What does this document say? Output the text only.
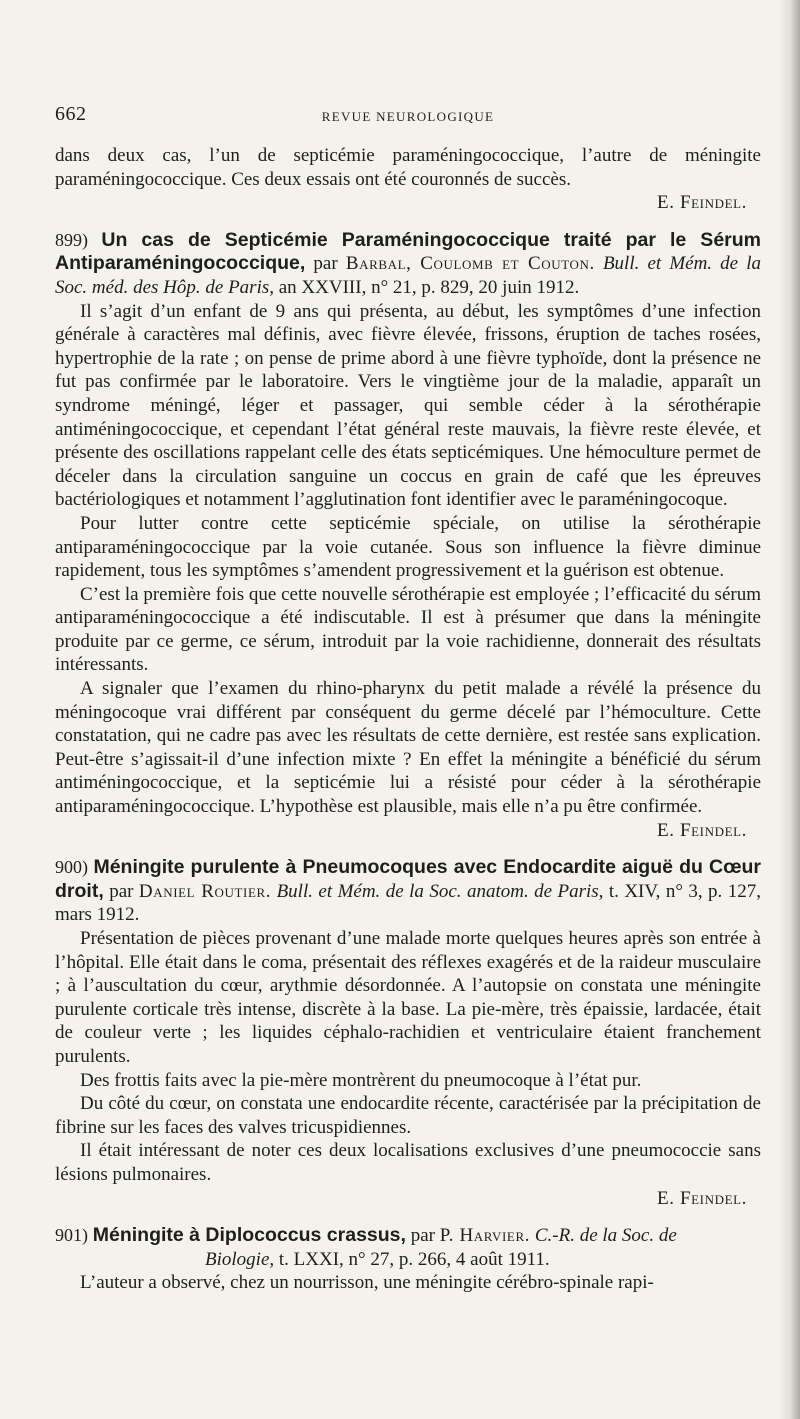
662	REVUE NEUROLOGIQUE

dans deux cas, l’un de septicémie paraméningococcique, l’autre de méningite paraméningococcique. Ces deux essais ont été couronnés de succès.

E. Feindel.

899) Un cas de Septicémie Paraméningococcique traité par le Sérum Antiparaméningococcique, par Barbal, Coulomb et Couton. Bull. et Mém. de la Soc. méd. des Hôp. de Paris, an XXVIII, n° 21, p. 829, 20 juin 1912.

Il s’agit d’un enfant de 9 ans qui présenta, au début, les symptômes d’une infection générale à caractères mal définis, avec fièvre élevée, frissons, éruption de taches rosées, hypertrophie de la rate ; on pense de prime abord à une fièvre typhoïde, dont la présence ne fut pas confirmée par le laboratoire. Vers le vingtième jour de la maladie, apparaît un syndrome méningé, léger et passager, qui semble céder à la sérothérapie antiméningococcique, et cependant l’état général reste mauvais, la fièvre reste élevée, et présente des oscillations rappelant celle des états septicémiques. Une hémoculture permet de déceler dans la circulation sanguine un coccus en grain de café que les épreuves bactériologiques et notamment l’agglutination font identifier avec le paraméningocoque.

Pour lutter contre cette septicémie spéciale, on utilise la sérothérapie antiparaméningococcique par la voie cutanée. Sous son influence la fièvre diminue rapidement, tous les symptômes s’amendent progressivement et la guérison est obtenue.

C’est la première fois que cette nouvelle sérothérapie est employée ; l’efficacité du sérum antiparaméningococcique a été indiscutable. Il est à présumer que dans la méningite produite par ce germe, ce sérum, introduit par la voie rachidienne, donnerait des résultats intéressants.

A signaler que l’examen du rhino-pharynx du petit malade a révélé la présence du méningocoque vrai différent par conséquent du germe décelé par l’hémoculture. Cette constatation, qui ne cadre pas avec les résultats de cette dernière, est restée sans explication. Peut-être s’agissait-il d’une infection mixte ? En effet la méningite a bénéficié du sérum antiméningococcique, et la septicémie lui a résisté pour céder à la sérothérapie antiparaméningococcique. L’hypothèse est plausible, mais elle n’a pu être confirmée.

E. Feindel.

900) Méningite purulente à Pneumocoques avec Endocardite aiguë du Cœur droit, par Daniel Routier. Bull. et Mém. de la Soc. anatom. de Paris, t. XIV, n° 3, p. 127, mars 1912.

Présentation de pièces provenant d’une malade morte quelques heures après son entrée à l’hôpital. Elle était dans le coma, présentait des réflexes exagérés et de la raideur musculaire ; à l’auscultation du cœur, arythmie désordonnée. A l’autopsie on constata une méningite purulente corticale très intense, discrète à la base. La pie-mère, très épaissie, lardacée, était de couleur verte ; les liquides céphalo-rachidien et ventriculaire étaient franchement purulents.

Des frottis faits avec la pie-mère montrèrent du pneumocoque à l’état pur.

Du côté du cœur, on constata une endocardite récente, caractérisée par la précipitation de fibrine sur les faces des valves tricuspidiennes.

Il était intéressant de noter ces deux localisations exclusives d’une pneumococcie sans lésions pulmonaires.

E. Feindel.

901) Méningite à Diplococcus crassus, par P. Harvier. C.-R. de la Soc. de
Biologie, t. LXXI, n° 27, p. 266, 4 août 1911.

L’auteur a observé, chez un nourrisson, une méningite cérébro-spinale rapi-
